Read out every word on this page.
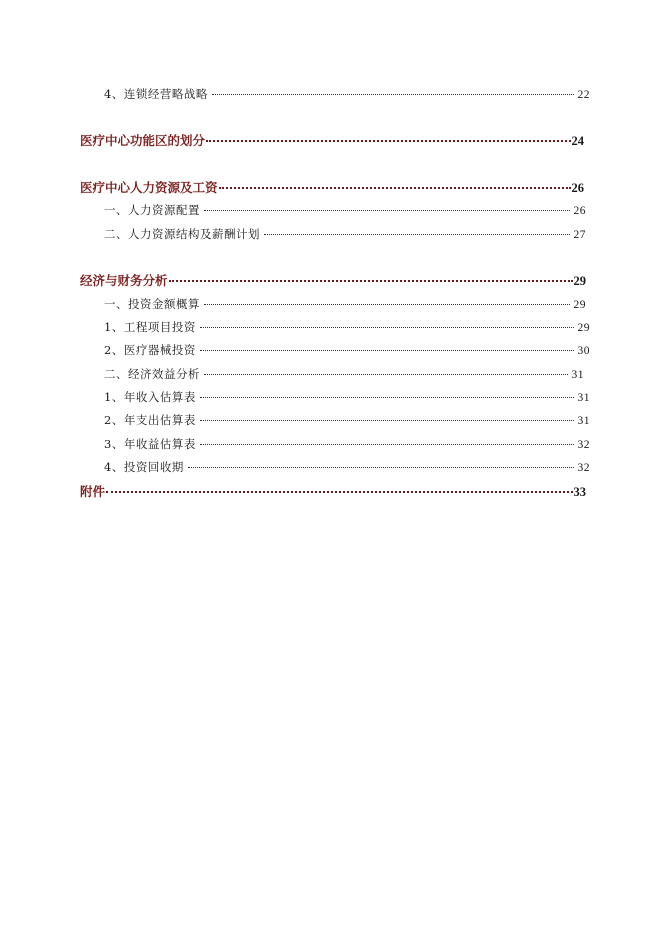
4、连锁经营略战略	22
医疗中心功能区的划分	24
医疗中心人力资源及工资	26
一、人力资源配置	26
二、人力资源结构及薪酬计划	27
经济与财务分析	29
一、投资金额概算	29
1、工程项目投资	29
2、医疗器械投资	30
二、经济效益分析	31
1、年收入估算表	31
2、年支出估算表	31
3、年收益估算表	32
4、投资回收期	32
附件	33
